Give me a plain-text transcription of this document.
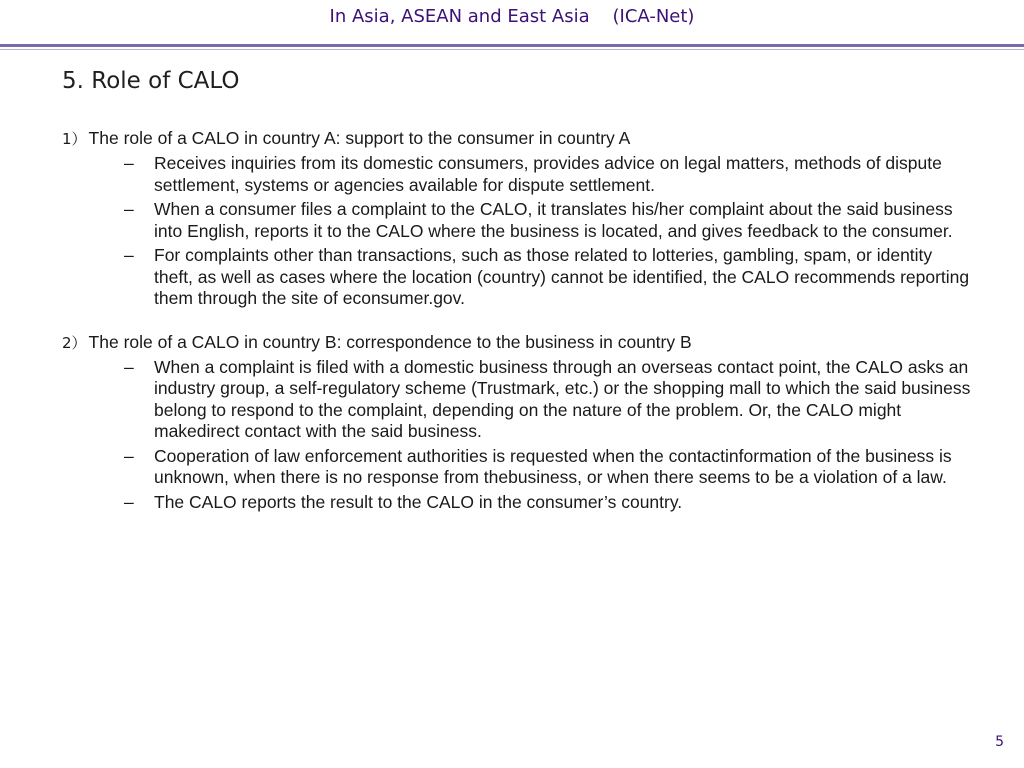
In Asia, ASEAN and East Asia    (ICA-Net)
5. Role of CALO
1） The role of a CALO in country A: support to the consumer in country A
– Receives inquiries from its domestic consumers, provides advice on legal matters, methods of dispute settlement, systems or agencies available for dispute settlement.
– When a consumer files a complaint to the CALO, it translates his/her complaint about the said business into English, reports it to the CALO where the business is located, and gives feedback to the consumer.
– For complaints other than transactions, such as those related to lotteries, gambling, spam, or identity theft, as well as cases where the location (country) cannot be identified, the CALO recommends reporting them through the site of econsumer.gov.
2） The role of a CALO in country B: correspondence to the business in country B
– When a complaint is filed with a domestic business through an overseas contact point, the CALO asks an industry group, a self-regulatory scheme (Trustmark, etc.) or the shopping mall to which the said business belong to respond to the complaint, depending on the nature of the problem. Or, the CALO might makedirect contact with the said business.
– Cooperation of law enforcement authorities is requested when the contactinformation of the business is unknown, when there is no response from thebusiness, or when there seems to be a violation of a law.
– The CALO reports the result to the CALO in the consumer’s country.
5
